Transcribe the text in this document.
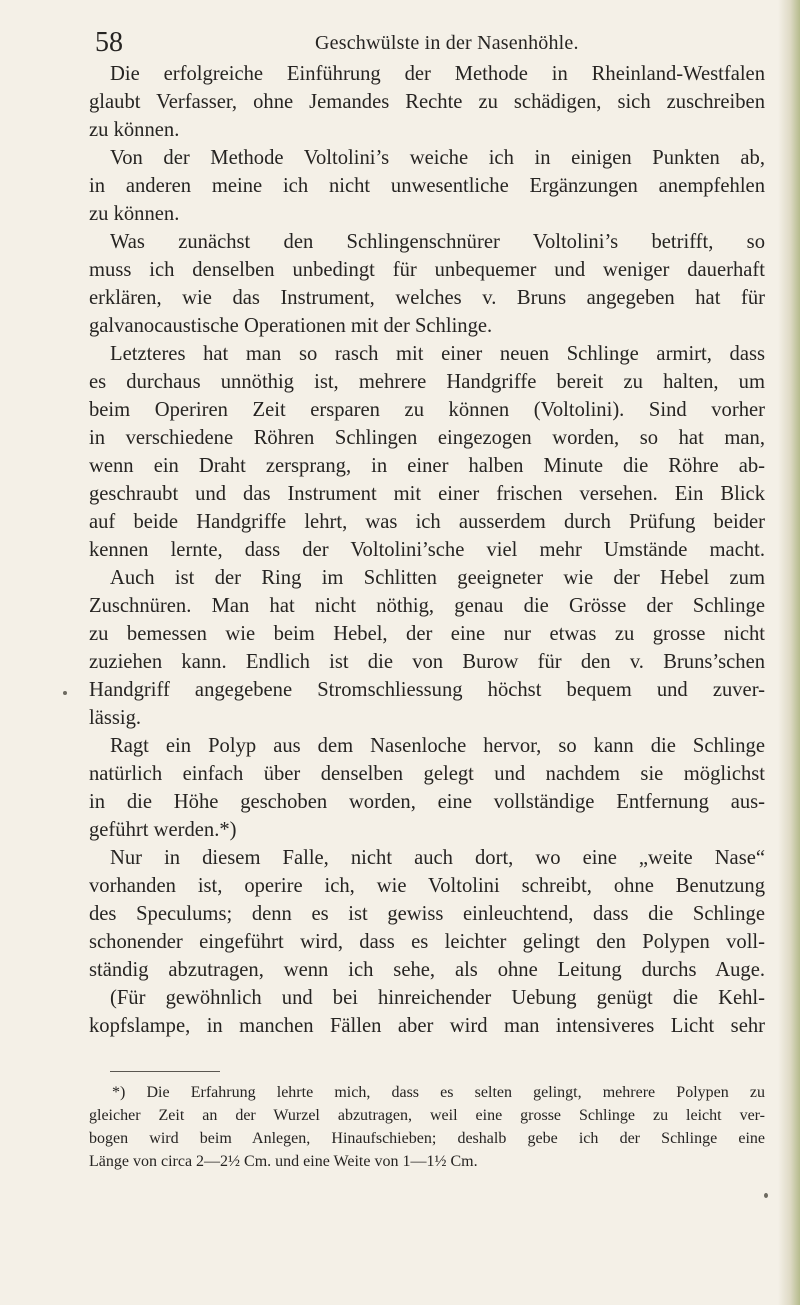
58	Geschwülste in der Nasenhöhle.
Die erfolgreiche Einführung der Methode in Rheinland-Westfalen
glaubt Verfasser, ohne Jemandes Rechte zu schädigen, sich zuschreiben
zu können.
Von der Methode Voltolini’s weiche ich in einigen Punkten ab,
in anderen meine ich nicht unwesentliche Ergänzungen anempfehlen
zu können.
Was zunächst den Schlingenschnürer Voltolini’s betrifft, so
muss ich denselben unbedingt für unbequemer und weniger dauerhaft
erklären, wie das Instrument, welches v. Bruns angegeben hat für
galvanocaustische Operationen mit der Schlinge.
Letzteres hat man so rasch mit einer neuen Schlinge armirt, dass
es durchaus unnöthig ist, mehrere Handgriffe bereit zu halten, um
beim Operiren Zeit ersparen zu können (Voltolini). Sind vorher
in verschiedene Röhren Schlingen eingezogen worden, so hat man,
wenn ein Draht zersprang, in einer halben Minute die Röhre ab-
geschraubt und das Instrument mit einer frischen versehen. Ein Blick
auf beide Handgriffe lehrt, was ich ausserdem durch Prüfung beider
kennen lernte, dass der Voltolini’sche viel mehr Umstände macht.
Auch ist der Ring im Schlitten geeigneter wie der Hebel zum
Zuschnüren. Man hat nicht nöthig, genau die Grösse der Schlinge
zu bemessen wie beim Hebel, der eine nur etwas zu grosse nicht
zuziehen kann. Endlich ist die von Burow für den v. Bruns’schen
Handgriff angegebene Stromschliessung höchst bequem und zuver-
lässig.
Ragt ein Polyp aus dem Nasenloche hervor, so kann die Schlinge
natürlich einfach über denselben gelegt und nachdem sie möglichst
in die Höhe geschoben worden, eine vollständige Entfernung aus-
geführt werden.*)
Nur in diesem Falle, nicht auch dort, wo eine „weite Nase“
vorhanden ist, operire ich, wie Voltolini schreibt, ohne Benutzung
des Speculums; denn es ist gewiss einleuchtend, dass die Schlinge
schonender eingeführt wird, dass es leichter gelingt den Polypen voll-
ständig abzutragen, wenn ich sehe, als ohne Leitung durchs Auge.
(Für gewöhnlich und bei hinreichender Uebung genügt die Kehl-
kopfslampe, in manchen Fällen aber wird man intensiveres Licht sehr
*) Die Erfahrung lehrte mich, dass es selten gelingt, mehrere Polypen zu
gleicher Zeit an der Wurzel abzutragen, weil eine grosse Schlinge zu leicht ver-
bogen wird beim Anlegen, Hinaufschieben; deshalb gebe ich der Schlinge eine
Länge von circa 2—2½ Cm. und eine Weite von 1—1½ Cm.
